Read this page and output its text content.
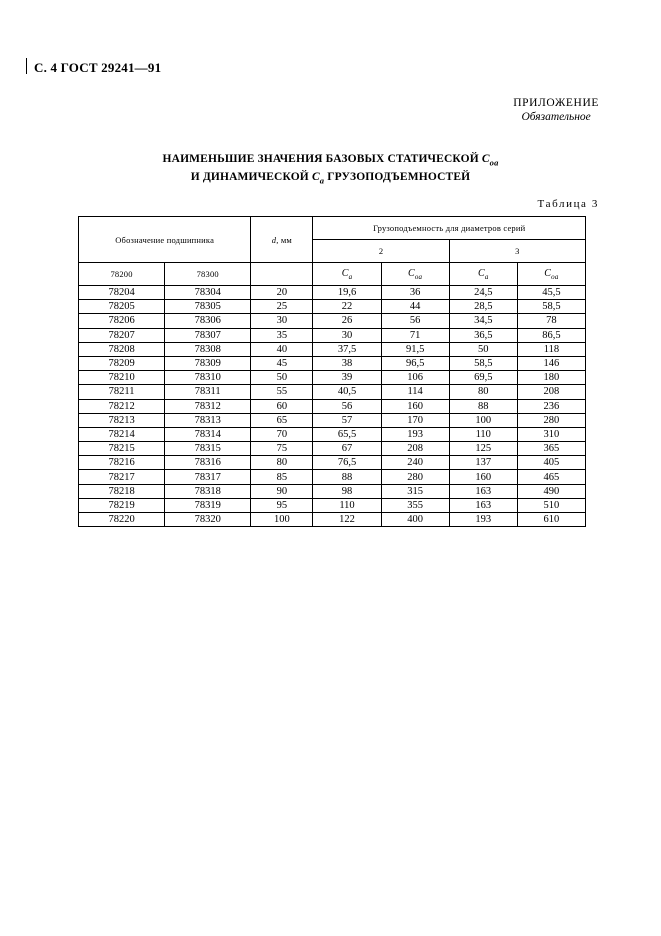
С. 4 ГОСТ 29241—91
ПРИЛОЖЕНИЕ
Обязательное
НАИМЕНЬШИЕ ЗНАЧЕНИЯ БАЗОВЫХ СТАТИЧЕСКОЙ $С_{оа}$
И ДИНАМИЧЕСКОЙ $С_а$ ГРУЗОПОДЪЕМНОСТЕЙ
Таблица 3
Обозначение подшипника		d, мм	Грузоподъемность для диаметров серий			
			2		3	
78200	78300		$C_a$	$C_{oa}$	$C_a$	$C_{oa}$
78204	78304	20	19,6	36	24,5	45,5
78205	78305	25	22	44	28,5	58,5
78206	78306	30	26	56	34,5	78
78207	78307	35	30	71	36,5	86,5
78208	78308	40	37,5	91,5	50	118
78209	78309	45	38	96,5	58,5	146
78210	78310	50	39	106	69,5	180
78211	78311	55	40,5	114	80	208
78212	78312	60	56	160	88	236
78213	78313	65	57	170	100	280
78214	78314	70	65,5	193	110	310
78215	78315	75	67	208	125	365
78216	78316	80	76,5	240	137	405
78217	78317	85	88	280	160	465
78218	78318	90	98	315	163	490
78219	78319	95	110	355	163	510
78220	78320	100	122	400	193	610
